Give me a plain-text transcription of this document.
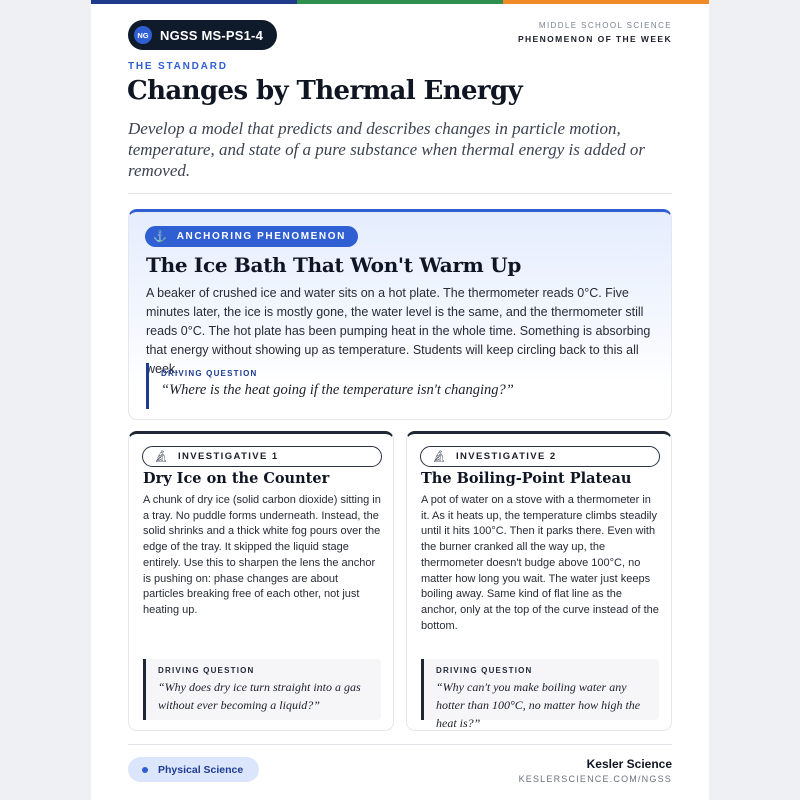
NG NGSS MS-PS1-4
MIDDLE SCHOOL SCIENCE
PHENOMENON OF THE WEEK
THE STANDARD
Changes by Thermal Energy

Develop a model that predicts and describes changes in particle motion, temperature, and state of a pure substance when thermal energy is added or removed.

⚓ ANCHORING PHENOMENON
The Ice Bath That Won't Warm Up

A beaker of crushed ice and water sits on a hot plate. The thermometer reads 0°C. Five minutes later, the ice is mostly gone, the water level is the same, and the thermometer still reads 0°C. The hot plate has been pumping heat in the whole time. Something is absorbing that energy without showing up as temperature. Students will keep circling back to this all week.

DRIVING QUESTION
“Where is the heat going if the temperature isn't changing?”
🔬︎ INVESTIGATIVE 1
Dry Ice on the Counter

A chunk of dry ice (solid carbon dioxide) sitting in a tray. No puddle forms underneath. Instead, the solid shrinks and a thick white fog pours over the edge of the tray. It skipped the liquid stage entirely. Use this to sharpen the lens the anchor is pushing on: phase changes are about particles breaking free of each other, not just heating up.

DRIVING QUESTION
“Why does dry ice turn straight into a gas without ever becoming a liquid?”
🔬︎ INVESTIGATIVE 2
The Boiling-Point Plateau

A pot of water on a stove with a thermometer in it. As it heats up, the temperature climbs steadily until it hits 100°C. Then it parks there. Even with the burner cranked all the way up, the thermometer doesn't budge above 100°C, no matter how long you wait. The water just keeps boiling away. Same kind of flat line as the anchor, only at the top of the curve instead of the bottom.

DRIVING QUESTION
“Why can't you make boiling water any hotter than 100°C, no matter how high the heat is?”
Physical Science	Kesler Science
KESLERSCIENCE.COM/NGSS
